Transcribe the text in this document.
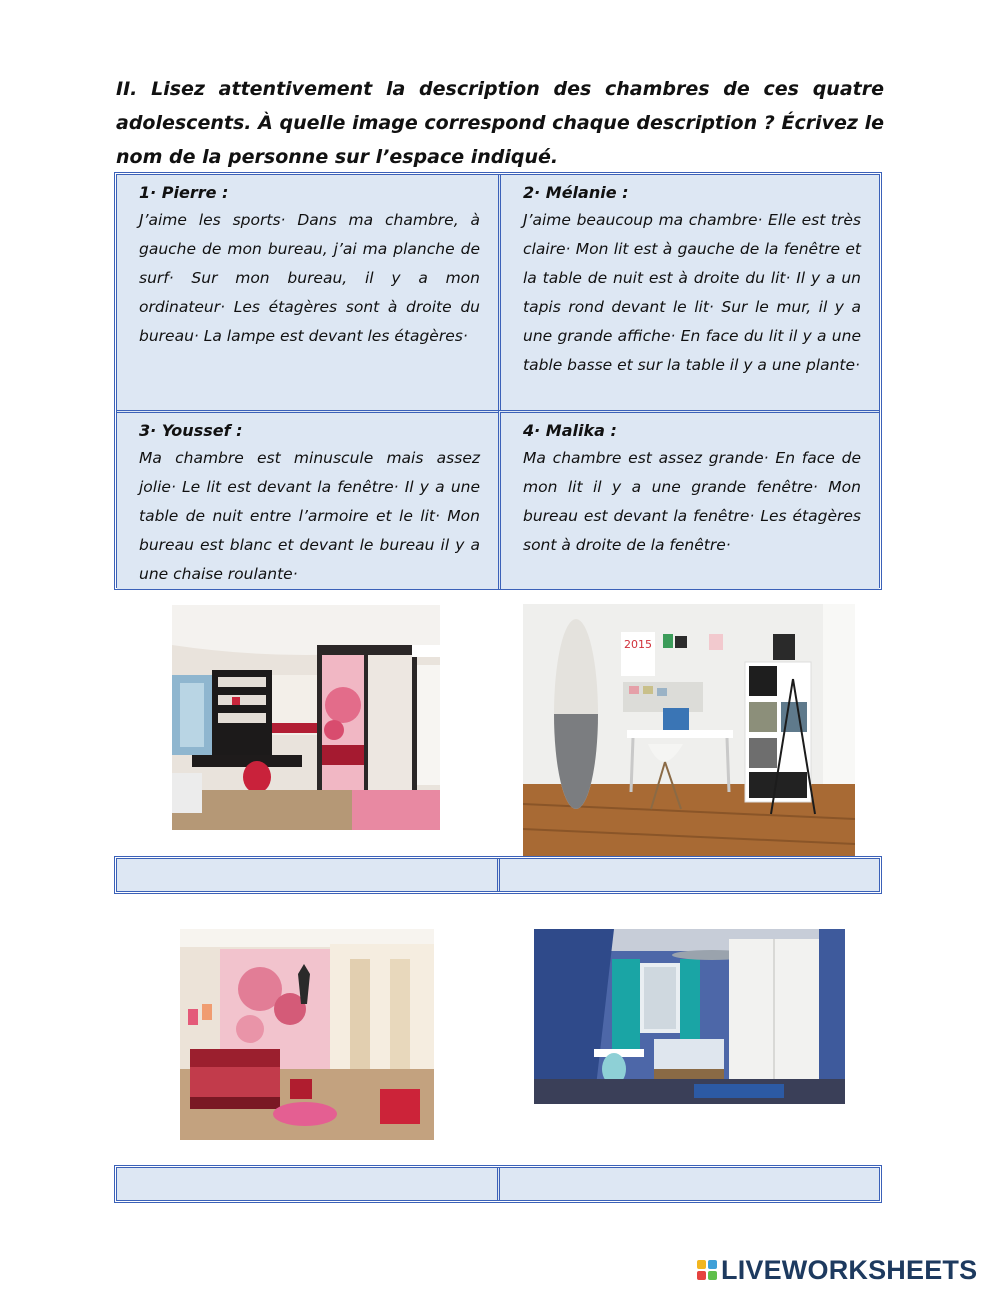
II. Lisez attentivement la description des chambres de ces quatre adolescents. À quelle image correspond chaque description ? Écrivez le nom de la personne sur l’espace indiqué.

1· Pierre :

J’aime les sports· Dans ma chambre, à gauche de mon bureau, j’ai ma planche de surf· Sur mon bureau, il y a mon ordinateur· Les étagères sont à droite du bureau· La lampe est devant les étagères·

2· Mélanie :

J’aime beaucoup ma chambre· Elle est très claire· Mon lit est à gauche de la fenêtre et la table de nuit est à droite du lit· Il y a un tapis rond devant le lit· Sur le mur, il y a une grande affiche· En face du lit il y a une table basse et sur la table il y a une plante·

3· Youssef :

Ma chambre est minuscule mais assez jolie· Le lit est devant la fenêtre· Il y a une table de nuit entre l’armoire et le lit· Mon bureau est blanc et devant le bureau il y a une chaise roulante·

4· Malika :

Ma chambre est assez grande· En face de mon lit il y a une grande fenêtre· Mon bureau est devant la fenêtre· Les étagères sont à droite de la fenêtre·

2015
LIVEWORKSHEETS
